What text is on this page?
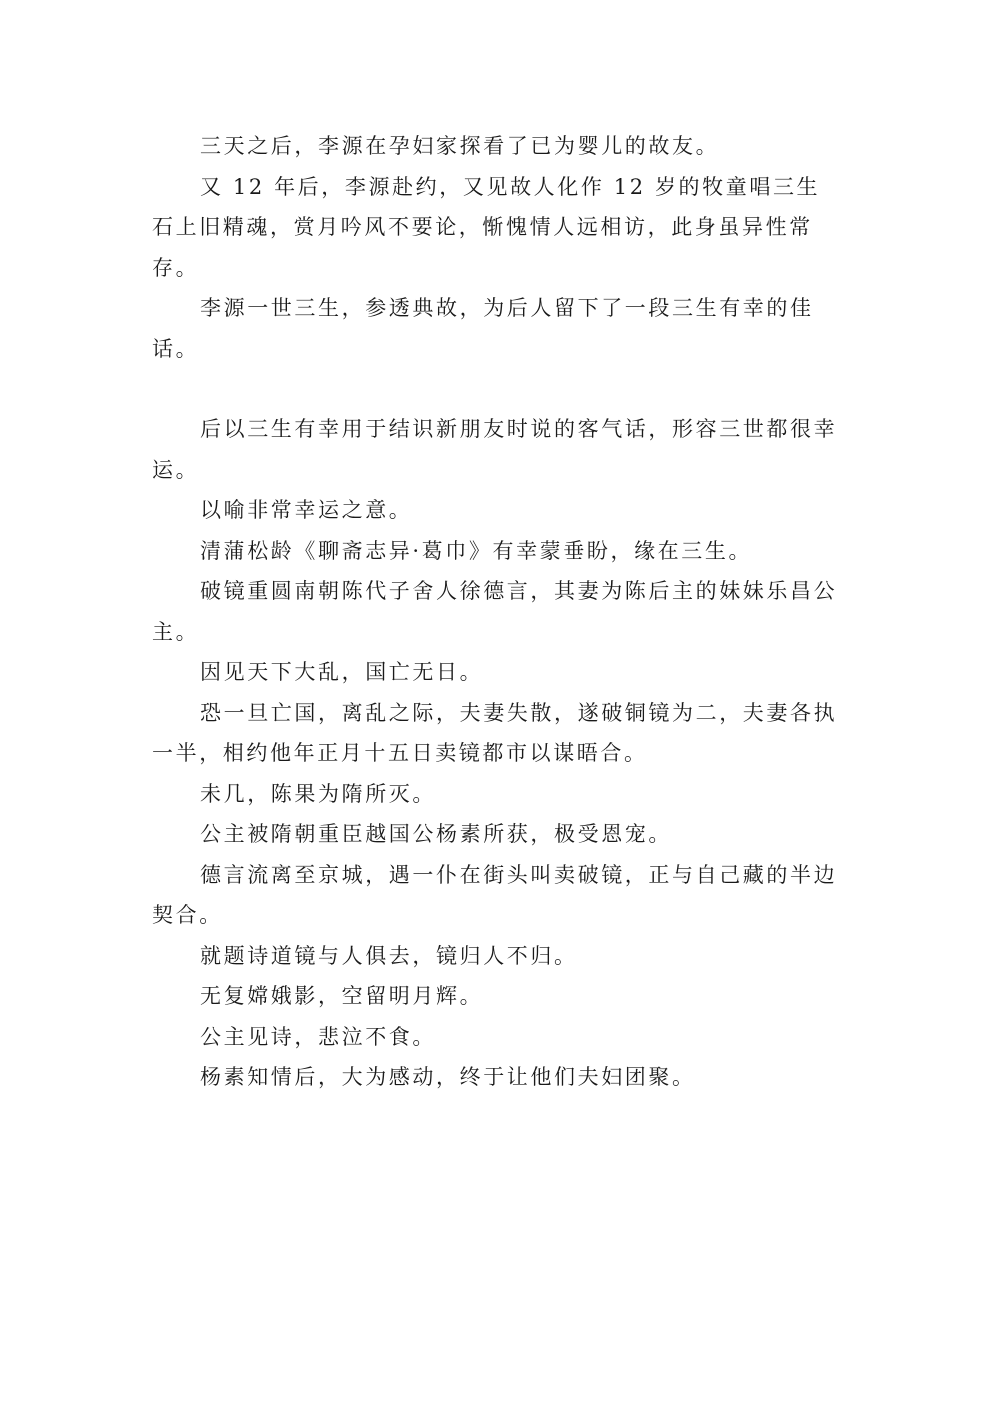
三天之后，李源在孕妇家探看了已为婴儿的故友。

又 12 年后，李源赴约，又见故人化作 12 岁的牧童唱三生石上旧精魂，赏月吟风不要论，惭愧情人远相访，此身虽异性常存。

李源一世三生，参透典故，为后人留下了一段三生有幸的佳话。

后以三生有幸用于结识新朋友时说的客气话，形容三世都很幸运。

以喻非常幸运之意。

清蒲松龄《聊斋志异·葛巾》有幸蒙垂盼，缘在三生。

破镜重圆南朝陈代子舍人徐德言，其妻为陈后主的妹妹乐昌公主。

因见天下大乱，国亡无日。

恐一旦亡国，离乱之际，夫妻失散，遂破铜镜为二，夫妻各执一半，相约他年正月十五日卖镜都市以谋晤合。

未几，陈果为隋所灭。

公主被隋朝重臣越国公杨素所获，极受恩宠。

德言流离至京城，遇一仆在街头叫卖破镜，正与自己藏的半边契合。

就题诗道镜与人俱去，镜归人不归。

无复嫦娥影，空留明月辉。

公主见诗，悲泣不食。

杨素知情后，大为感动，终于让他们夫妇团聚。
